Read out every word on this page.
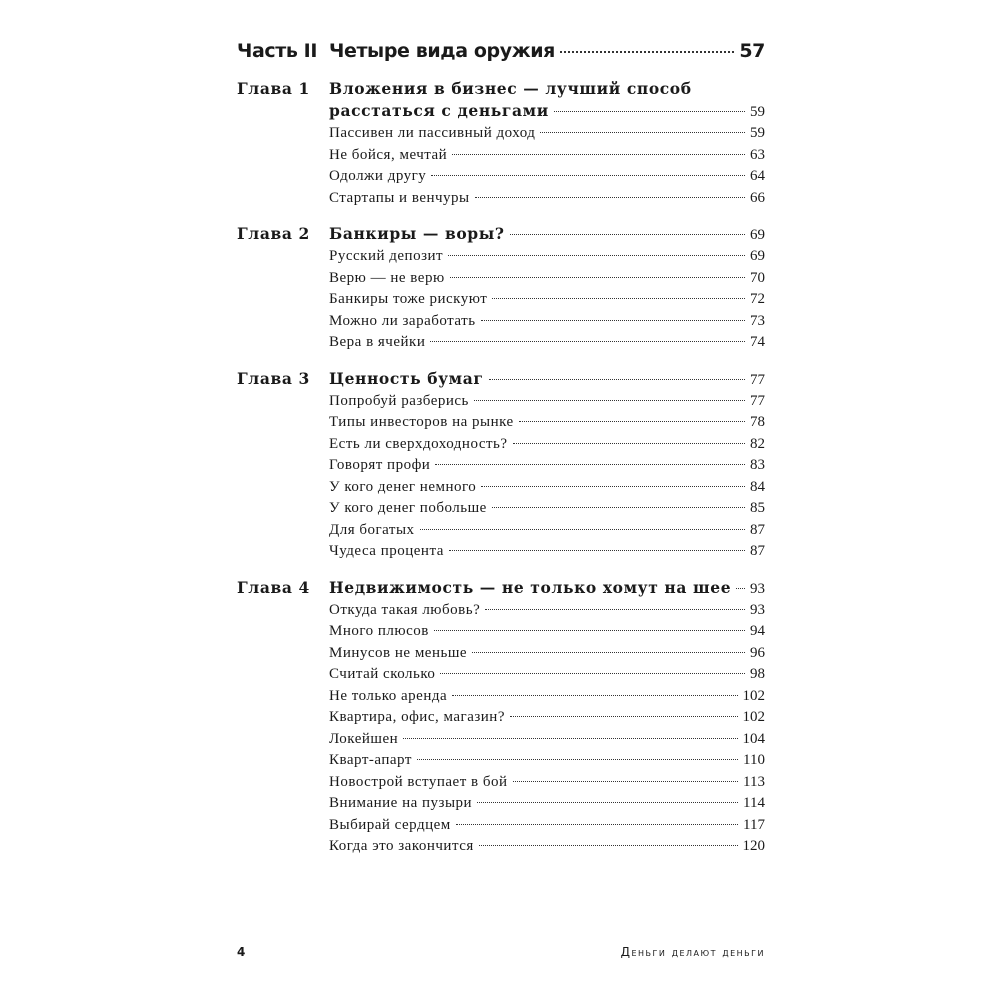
Часть II Четыре вида оружия	57
Глава 1	Вложения в бизнес — лучший способ
расстаться с деньгами	59
Пассивен ли пассивный доход	59
Не бойся, мечтай	63
Одолжи другу	64
Стартапы и венчуры	66
Глава 2	Банкиры — воры?	69
Русский депозит	69
Верю — не верю	70
Банкиры тоже рискуют	72
Можно ли заработать	73
Вера в ячейки	74
Глава 3	Ценность бумаг	77
Попробуй разберись	77
Типы инвесторов на рынке	78
Есть ли сверхдоходность?	82
Говорят профи	83
У кого денег немного	84
У кого денег побольше	85
Для богатых	87
Чудеса процента	87
Глава 4	Недвижимость — не только хомут на шее 93
Откуда такая любовь?	93
Много плюсов	94
Минусов не меньше	96
Считай сколько	98
Не только аренда	102
Квартира, офис, магазин?	102
Локейшен	104
Кварт-апарт	110
Новострой вступает в бой	113
Внимание на пузыри	114
Выбирай сердцем	117
Когда это закончится	120
4	Деньги делают деньги
